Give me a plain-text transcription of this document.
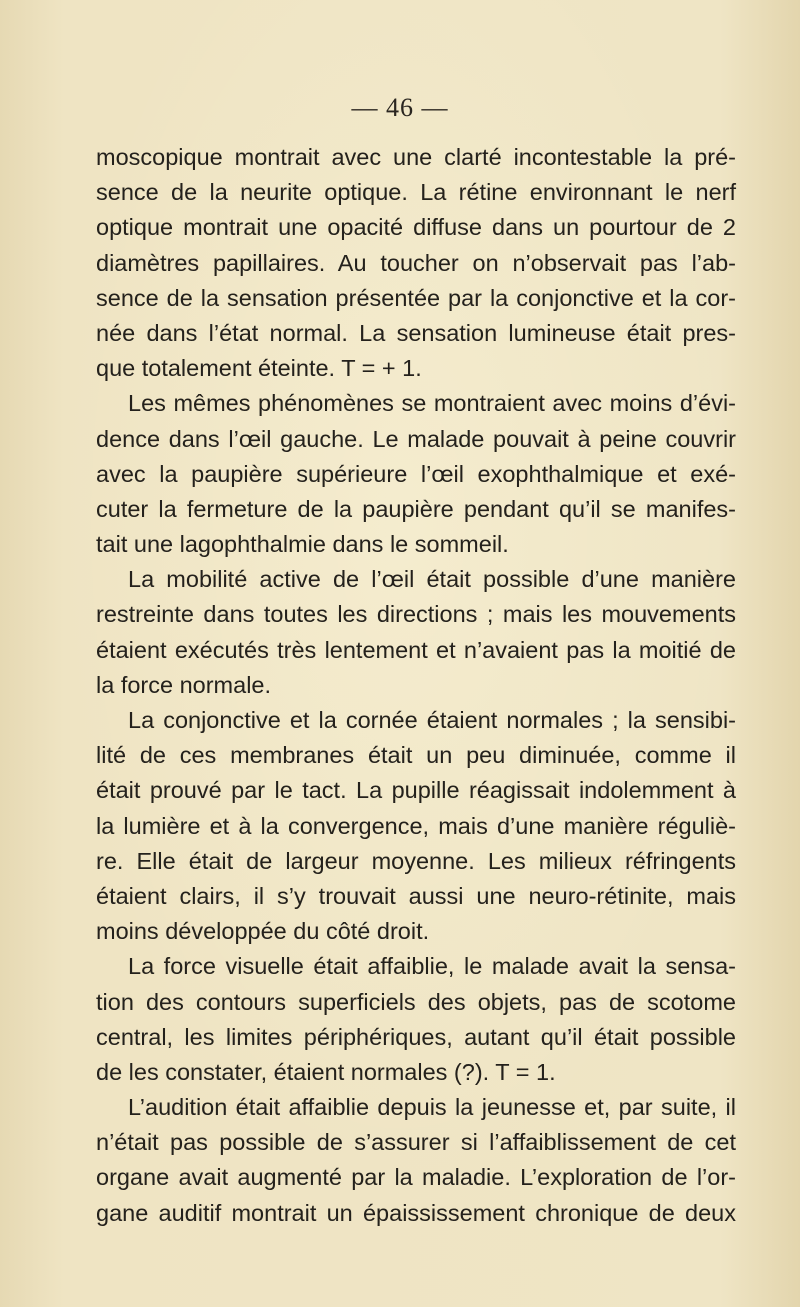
— 46 —
moscopique montrait avec une clarté incontestable la pré-
sence de la neurite optique. La rétine environnant le nerf
optique montrait une opacité diffuse dans un pourtour de 2
diamètres papillaires. Au toucher on n’observait pas l’ab-
sence de la sensation présentée par la conjonctive et la cor-
née dans l’état normal. La sensation lumineuse était pres-
que totalement éteinte. T = + 1.
Les mêmes phénomènes se montraient avec moins d’évi-
dence dans l’œil gauche. Le malade pouvait à peine couvrir
avec la paupière supérieure l’œil exophthalmique et exé-
cuter la fermeture de la paupière pendant qu’il se manifes-
tait une lagophthalmie dans le sommeil.
La mobilité active de l’œil était possible d’une manière
restreinte dans toutes les directions ; mais les mouvements
étaient exécutés très lentement et n’avaient pas la moitié de
la force normale.
La conjonctive et la cornée étaient normales ; la sensibi-
lité de ces membranes était un peu diminuée, comme il
était prouvé par le tact. La pupille réagissait indolemment à
la lumière et à la convergence, mais d’une manière réguliè-
re. Elle était de largeur moyenne. Les milieux réfringents
étaient clairs, il s’y trouvait aussi une neuro-rétinite, mais
moins développée du côté droit.
La force visuelle était affaiblie, le malade avait la sensa-
tion des contours superficiels des objets, pas de scotome
central, les limites périphériques, autant qu’il était possible
de les constater, étaient normales (?). T = 1.
L’audition était affaiblie depuis la jeunesse et, par suite, il
n’était pas possible de s’assurer si l’affaiblissement de cet
organe avait augmenté par la maladie. L’exploration de l’or-
gane auditif montrait un épaississement chronique de deux
